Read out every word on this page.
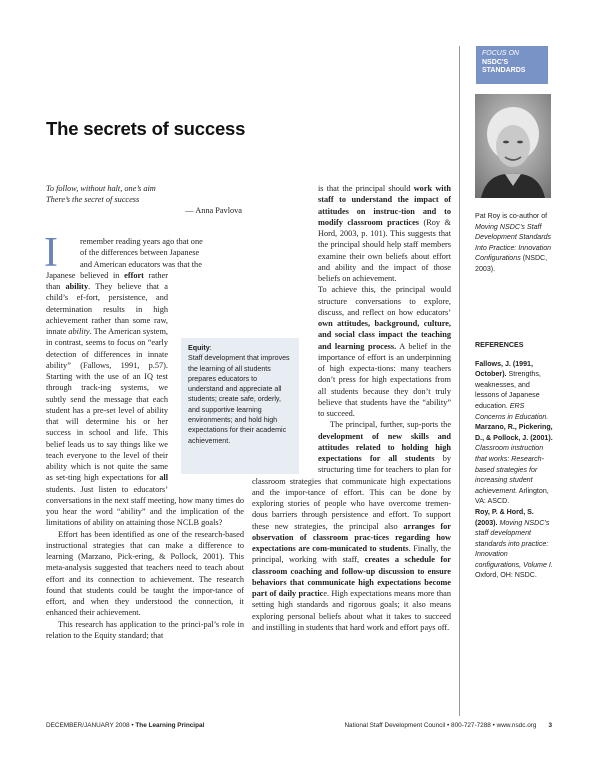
FOCUS ON
NSDC'S
STANDARDS
The secrets of success
To follow, without halt, one’s aim
There’s the secret of success
— Anna Pavlova
I	remember reading years ago that one
of the differences between Japanese
and American educators was that the

Japanese believed in effort rather than ability. They believe that a child’s ef-fort, persistence, and determination results in high achievement rather than some raw, innate ability. The American system, in contrast, seems to focus on “early detection of differences in innate ability” (Fallows, 1991, p.57). Starting with the use of an IQ test through track-ing systems, we subtly send the message that each student has a pre-set level of ability that will determine his or her success in school and life. This belief leads us to say things like we teach everyone to the level of their ability which is not quite the same as set-ting high expectations for all students. Just listen to educators’ conversations in the next staff meeting, how many times do you hear the word “ability” and the implication of the limitations of ability on attaining those NCLB goals?

Effort has been identified as one of the research-based instructional strategies that can make a difference to learning (Marzano, Pick-ering, & Pollock, 2001). This meta-analysis suggested that teachers need to teach about effort and its connection to achievement. The research found that students could be taught the impor-tance of effort, and when they understood the connection, it enhanced their achievement.

This research has application to the princi-pal’s role in relation to the Equity standard; that

is that the principal should work with staff to understand the impact of attitudes on instruc-tion and to modify classroom practices (Roy & Hord, 2003, p. 101). This suggests that the principal should help staff members examine their own beliefs about effort and ability and the impact of those beliefs on achievement.

To achieve this, the principal would structure conversations to explore, discuss, and reflect on how educators’ own attitudes, background, culture, and social class impact the teaching and learning process. A belief in the importance of effort is an underpinning of high expecta-tions: many teachers don’t press for high expectations from all students because they don’t truly believe that students have the “ability” to succeed.

The principal, further, sup-ports the development of new skills and attitudes related to holding high expectations for all students by structuring time for teachers to plan for classroom strategies that communicate high expectations and the impor-tance of effort. This can be done by exploring stories of people who have overcome tremen-dous barriers through persistence and effort. To support these new strategies, the principal also arranges for observation of classroom prac-tices regarding how expectations are com-municated to students. Finally, the principal, working with staff, creates a schedule for classroom coaching and follow-up discussion to ensure behaviors that communicate high expectations become part of daily practice. High expectations means more than setting high standards and rigorous goals; it also means exploring personal beliefs about what it takes to succeed and instilling in students that hard work and effort pays off.

Equity:
Staff development that improves the learning of all students prepares educators to understand and appreciate all students; create safe, orderly, and supportive learning environments; and hold high expectations for their academic achievement.
Pat Roy is co-author of Moving NSDC’s Staff Development Standards Into Practice: Innovation Configurations (NSDC, 2003).
REFERENCES
Fallows, J. (1991, October). Strengths, weaknesses, and lessons of Japanese education. ERS Concerns in Education.
Marzano, R., Pickering, D., & Pollock, J. (2001). Classroom instruction that works: Research-based strategies for increasing student achievement. Arlington, VA: ASCD.
Roy, P. & Hord, S. (2003). Moving NSDC’s staff development standards into practice: Innovation configurations, Volume I. Oxford, OH: NSDC.
DECEMBER/JANUARY 2008 • The Learning Principal	National Staff Development Council • 800-727-7288 • www.nsdc.org 3
